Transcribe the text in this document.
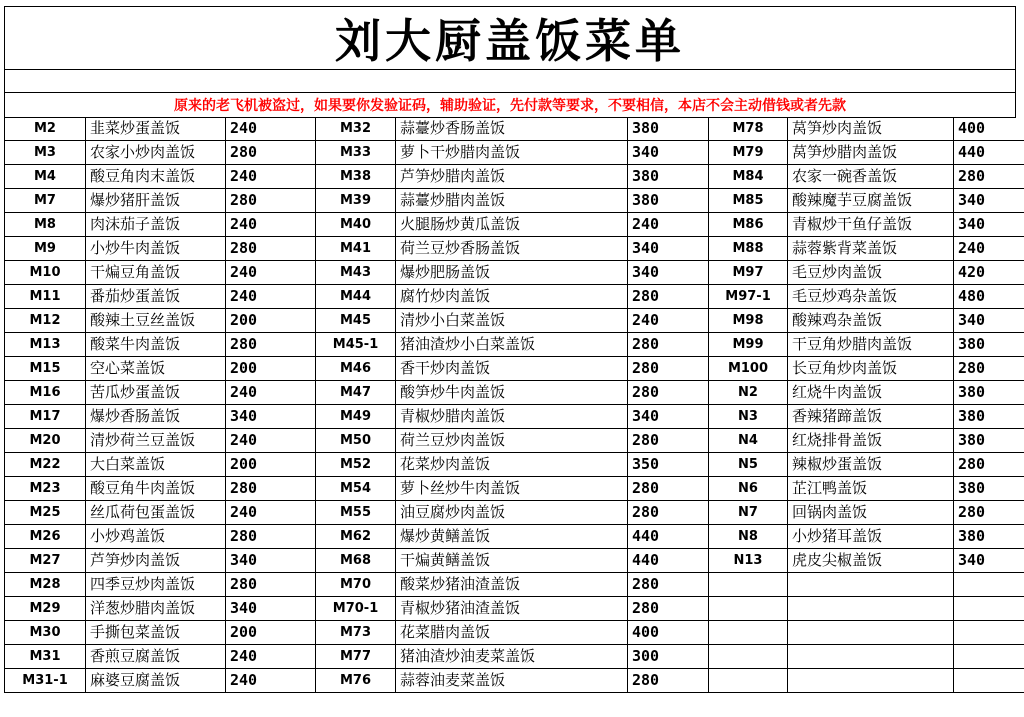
刘大厨盖饭菜单
原来的老飞机被盗过，如果要你发验证码，辅助验证，先付款等要求，不要相信，本店不会主动借钱或者先款
M2	韭菜炒蛋盖饭	240
M3	农家小炒肉盖饭	280
M4	酸豆角肉末盖饭	240
M7	爆炒猪肝盖饭	280
M8	肉沫茄子盖饭	240
M9	小炒牛肉盖饭	280
M10	干煸豆角盖饭	240
M11	番茄炒蛋盖饭	240
M12	酸辣土豆丝盖饭	200
M13	酸菜牛肉盖饭	280
M15	空心菜盖饭	200
M16	苦瓜炒蛋盖饭	240
M17	爆炒香肠盖饭	340
M20	清炒荷兰豆盖饭	240
M22	大白菜盖饭	200
M23	酸豆角牛肉盖饭	280
M25	丝瓜荷包蛋盖饭	240
M26	小炒鸡盖饭	280
M27	芦笋炒肉盖饭	340
M28	四季豆炒肉盖饭	280
M29	洋葱炒腊肉盖饭	340
M30	手撕包菜盖饭	200
M31	香煎豆腐盖饭	240
M31-1	麻婆豆腐盖饭	240
M32	蒜薹炒香肠盖饭	380
M33	萝卜干炒腊肉盖饭	340
M38	芦笋炒腊肉盖饭	380
M39	蒜薹炒腊肉盖饭	380
M40	火腿肠炒黄瓜盖饭	240
M41	荷兰豆炒香肠盖饭	340
M43	爆炒肥肠盖饭	340
M44	腐竹炒肉盖饭	280
M45	清炒小白菜盖饭	240
M45-1	猪油渣炒小白菜盖饭	280
M46	香干炒肉盖饭	280
M47	酸笋炒牛肉盖饭	280
M49	青椒炒腊肉盖饭	340
M50	荷兰豆炒肉盖饭	280
M52	花菜炒肉盖饭	350
M54	萝卜丝炒牛肉盖饭	280
M55	油豆腐炒肉盖饭	280
M62	爆炒黄鳝盖饭	440
M68	干煸黄鳝盖饭	440
M70	酸菜炒猪油渣盖饭	280
M70-1	青椒炒猪油渣盖饭	280
M73	花菜腊肉盖饭	400
M77	猪油渣炒油麦菜盖饭	300
M76	蒜蓉油麦菜盖饭	280
M78	莴笋炒肉盖饭	400
M79	莴笋炒腊肉盖饭	440
M84	农家一碗香盖饭	280
M85	酸辣魔芋豆腐盖饭	340
M86	青椒炒干鱼仔盖饭	340
M88	蒜蓉紫背菜盖饭	240
M97	毛豆炒肉盖饭	420
M97-1	毛豆炒鸡杂盖饭	480
M98	酸辣鸡杂盖饭	340
M99	干豆角炒腊肉盖饭	380
M100	长豆角炒肉盖饭	280
N2	红烧牛肉盖饭	380
N3	香辣猪蹄盖饭	380
N4	红烧排骨盖饭	380
N5	辣椒炒蛋盖饭	280
N6	芷江鸭盖饭	380
N7	回锅肉盖饭	280
N8	小炒猪耳盖饭	380
N13	虎皮尖椒盖饭	340
